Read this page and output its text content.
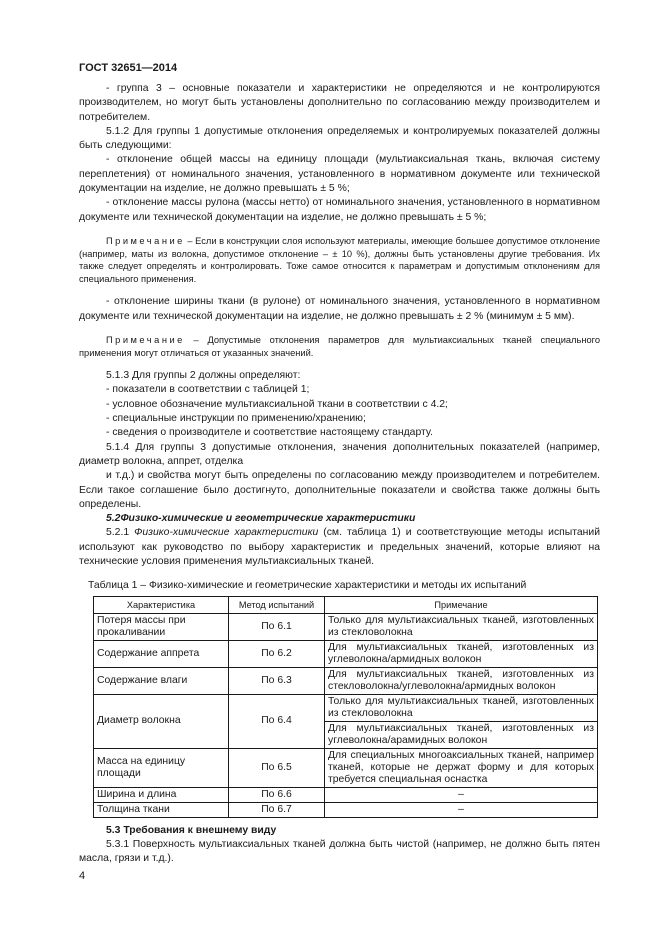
ГОСТ 32651—2014

- группа 3 – основные показатели и характеристики не определяются и не контролируются производителем, но могут быть установлены дополнительно по согласованию между производителем и потребителем.

5.1.2 Для группы 1 допустимые отклонения определяемых и контролируемых показателей должны быть следующими:

- отклонение общей массы на единицу площади (мультиаксиальная ткань, включая систему переплетения) от номинального значения, установленного в нормативном документе или технической документации на изделие, не должно превышать ± 5 %;

- отклонение массы рулона (массы нетто) от номинального значения, установленного в нормативном документе или технической документации на изделие, не должно превышать ± 5 %;

Примечание – Если в конструкции слоя используют материалы, имеющие большее допустимое отклонение (например, маты из волокна, допустимое отклонение – ± 10 %), должны быть установлены другие требования. Их также следует определять и контролировать. Тоже самое относится к параметрам и допустимым отклонениям для специального применения.

- отклонение ширины ткани (в рулоне) от номинального значения, установленного в нормативном документе или технической документации на изделие, не должно превышать ± 2 % (минимум ± 5 мм).

Примечание – Допустимые отклонения параметров для мультиаксиальных тканей специального применения могут отличаться от указанных значений.

5.1.3 Для группы 2 должны определяют:

- показатели в соответствии с таблицей 1;

- условное обозначение мультиаксиальной ткани в соответствии с 4.2;

- специальные инструкции по применению/хранению;

- сведения о производителе и соответствие настоящему стандарту.

5.1.4 Для группы 3 допустимые отклонения, значения дополнительных показателей (например, диаметр волокна, аппрет, отделка

и т.д.) и свойства могут быть определены по согласованию между производителем и потребителем. Если такое соглашение было достигнуто, дополнительные показатели и свойства также должны быть определены.

5.2Физико-химические и геометрические характеристики

5.2.1 Физико-химические характеристики (см. таблица 1) и соответствующие методы испытаний используют как руководство по выбору характеристик и предельных значений, которые влияют на технические условия применения мультиаксиальных тканей.

Таблица 1 – Физико-химические и геометрические характеристики и методы их испытаний
Характеристика	Метод испытаний	Примечание
Потеря массы при прокаливании	По 6.1	Только для мультиаксиальных тканей, изготовленных из стекловолокна
Содержание аппрета	По 6.2	Для мультиаксиальных тканей, изготовленных из углеволокна/армидных волокон
Содержание влаги	По 6.3	Для мультиаксиальных тканей, изготовленных из стекловолокна/углеволокна/армидных волокон
Диаметр волокна	По 6.4	Только для мультиаксиальных тканей, изготовленных из стекловолокна
		Для мультиаксиальных тканей, изготовленных из углеволокна/арамидных волокон
Масса на единицу площади	По 6.5	Для специальных многоаксиальных тканей, например тканей, которые не держат форму и для которых требуется специальная оснастка
Ширина и длина	По 6.6	–
Толщина ткани	По 6.7	–

5.3 Требования к внешнему виду

5.3.1 Поверхность мультиаксиальных тканей должна быть чистой (например, не должно быть пятен масла, грязи и т.д.).

4
